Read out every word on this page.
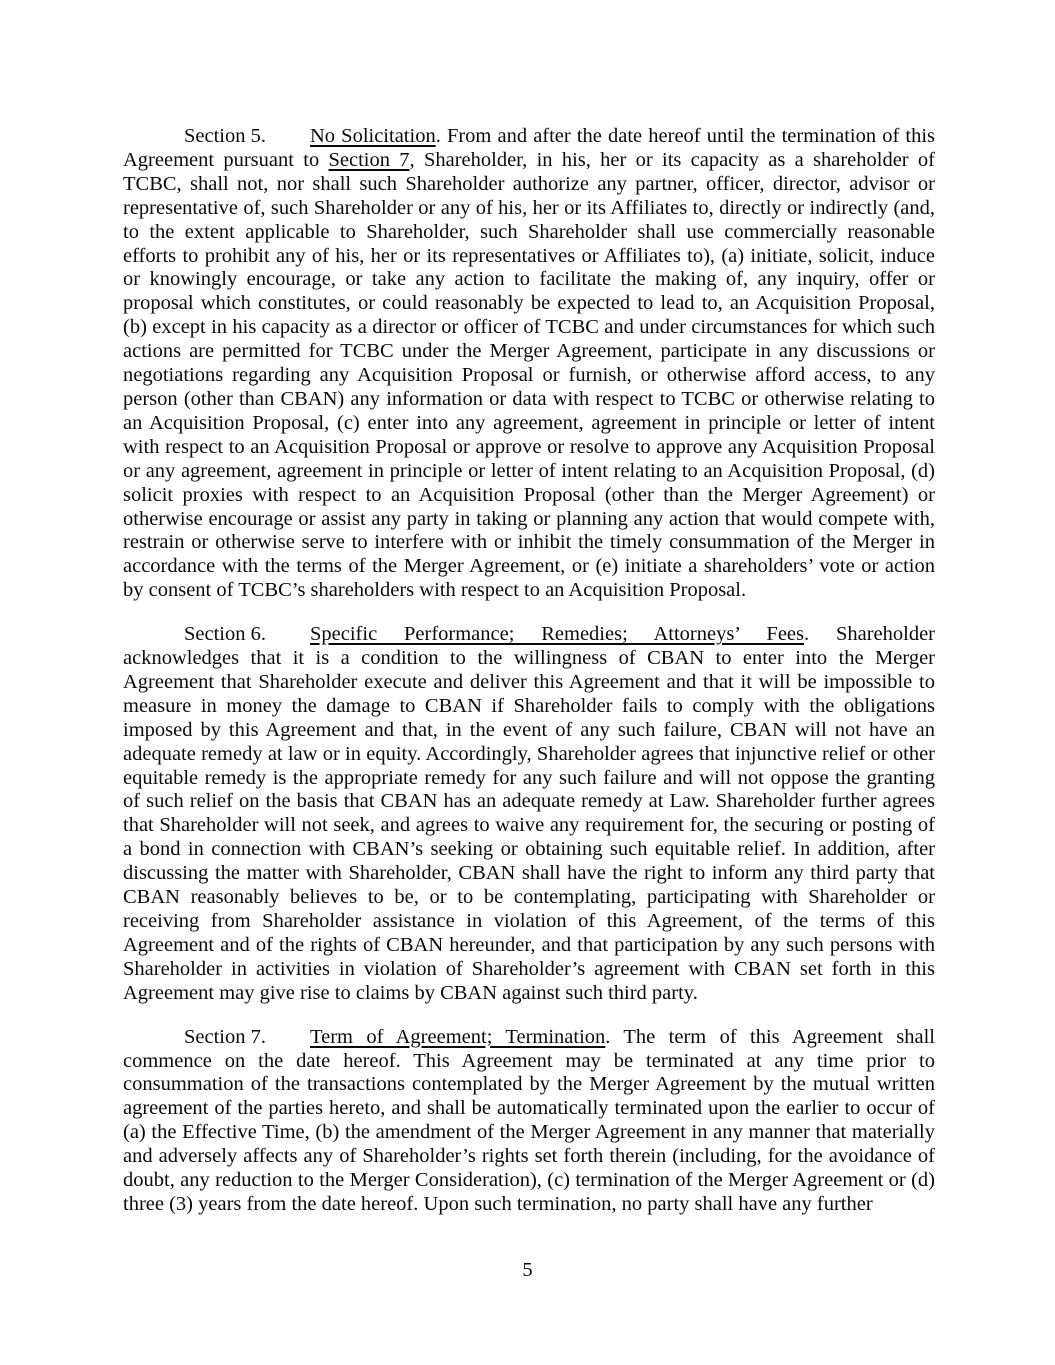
Section 5. No Solicitation. From and after the date hereof until the termination of this Agreement pursuant to Section 7, Shareholder, in his, her or its capacity as a shareholder of TCBC, shall not, nor shall such Shareholder authorize any partner, officer, director, advisor or representative of, such Shareholder or any of his, her or its Affiliates to, directly or indirectly (and, to the extent applicable to Shareholder, such Shareholder shall use commercially reasonable efforts to prohibit any of his, her or its representatives or Affiliates to), (a) initiate, solicit, induce or knowingly encourage, or take any action to facilitate the making of, any inquiry, offer or proposal which constitutes, or could reasonably be expected to lead to, an Acquisition Proposal, (b) except in his capacity as a director or officer of TCBC and under circumstances for which such actions are permitted for TCBC under the Merger Agreement, participate in any discussions or negotiations regarding any Acquisition Proposal or furnish, or otherwise afford access, to any person (other than CBAN) any information or data with respect to TCBC or otherwise relating to an Acquisition Proposal, (c) enter into any agreement, agreement in principle or letter of intent with respect to an Acquisition Proposal or approve or resolve to approve any Acquisition Proposal or any agreement, agreement in principle or letter of intent relating to an Acquisition Proposal, (d) solicit proxies with respect to an Acquisition Proposal (other than the Merger Agreement) or otherwise encourage or assist any party in taking or planning any action that would compete with, restrain or otherwise serve to interfere with or inhibit the timely consummation of the Merger in accordance with the terms of the Merger Agreement, or (e) initiate a shareholders’ vote or action by consent of TCBC’s shareholders with respect to an Acquisition Proposal.

Section 6. Specific Performance; Remedies; Attorneys’ Fees. Shareholder acknowledges that it is a condition to the willingness of CBAN to enter into the Merger Agreement that Shareholder execute and deliver this Agreement and that it will be impossible to measure in money the damage to CBAN if Shareholder fails to comply with the obligations imposed by this Agreement and that, in the event of any such failure, CBAN will not have an adequate remedy at law or in equity. Accordingly, Shareholder agrees that injunctive relief or other equitable remedy is the appropriate remedy for any such failure and will not oppose the granting of such relief on the basis that CBAN has an adequate remedy at Law. Shareholder further agrees that Shareholder will not seek, and agrees to waive any requirement for, the securing or posting of a bond in connection with CBAN’s seeking or obtaining such equitable relief. In addition, after discussing the matter with Shareholder, CBAN shall have the right to inform any third party that CBAN reasonably believes to be, or to be contemplating, participating with Shareholder or receiving from Shareholder assistance in violation of this Agreement, of the terms of this Agreement and of the rights of CBAN hereunder, and that participation by any such persons with Shareholder in activities in violation of Shareholder’s agreement with CBAN set forth in this Agreement may give rise to claims by CBAN against such third party.

Section 7. Term of Agreement; Termination. The term of this Agreement shall commence on the date hereof. This Agreement may be terminated at any time prior to consummation of the transactions contemplated by the Merger Agreement by the mutual written agreement of the parties hereto, and shall be automatically terminated upon the earlier to occur of (a) the Effective Time, (b) the amendment of the Merger Agreement in any manner that materially and adversely affects any of Shareholder’s rights set forth therein (including, for the avoidance of doubt, any reduction to the Merger Consideration), (c) termination of the Merger Agreement or (d) three (3) years from the date hereof. Upon such termination, no party shall have any further

5
